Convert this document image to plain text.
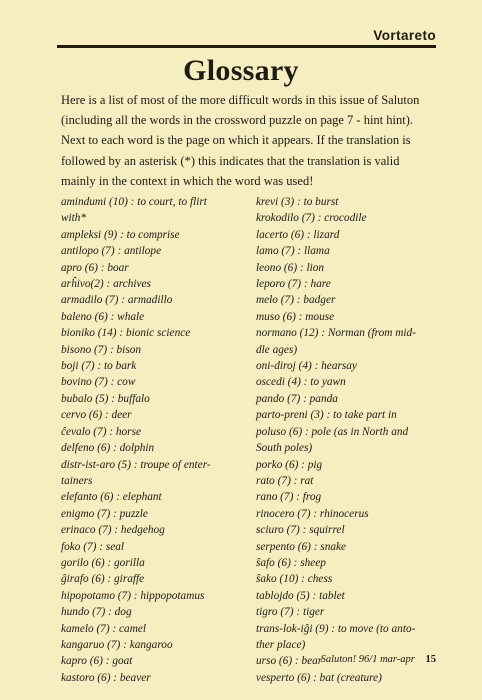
Vortareto
Glossary

Here is a list of most of the more difficult words in this issue of Saluton (including all the words in the crossword puzzle on page 7 - hint hint). Next to each word is the page on which it appears. If the translation is followed by an asterisk (*) this indicates that the translation is valid mainly in the context in which the word was used!

amindumi (10) : to court, to flirt
with*
ampleksi (9) : to comprise
antilopo (7) : antilope
apro (6) : boar
arĥivo(2) : archives
armadilo (7) : armadillo
baleno (6) : whale
bioniko (14) : bionic science
bisono (7) : bison
boji (7) : to bark
bovino (7) : cow
bubalo (5) : buffalo
cervo (6) : deer
ĉevalo (7) : horse
delfeno (6) : dolphin
distr-ist-aro (5) : troupe of enter-
tainers
elefanto (6) : elephant
enigmo (7) : puzzle
erinaco (7) : hedgehog
foko (7) : seal
gorilo (6) : gorilla
ĝirafo (6) : giraffe
hipopotamo (7) : hippopotamus
hundo (7) : dog
kamelo (7) : camel
kangaruo (7) : kangaroo
kapro (6) : goat
kastoro (6) : beaver
krevi (3) : to burst
krokodilo (7) : crocodile
lacerto (6) : lizard
lamo (7) : llama
leono (6) : lion
leporo (7) : hare
melo (7) : badger
muso (6) : mouse
normano (12) : Norman (from mid-
dle ages)
oni-diroj (4) : hearsay
oscedi (4) : to yawn
pando (7) : panda
parto-preni (3) : to take part in
poluso (6) : pole (as in North and
South poles)
porko (6) : pig
rato (7) : rat
rano (7) : frog
rinocero (7) : rhinocerus
sciuro (7) : squirrel
serpento (6) : snake
ŝafo (6) : sheep
ŝako (10) : chess
tablojdo (5) : tablet
tigro (7) : tiger
trans-lok-iĝi (9) : to move (to anto-
ther place)
urso (6) : bear
vesperto (6) : bat (creature)
Saluton! 96/1 mar-apr 15
